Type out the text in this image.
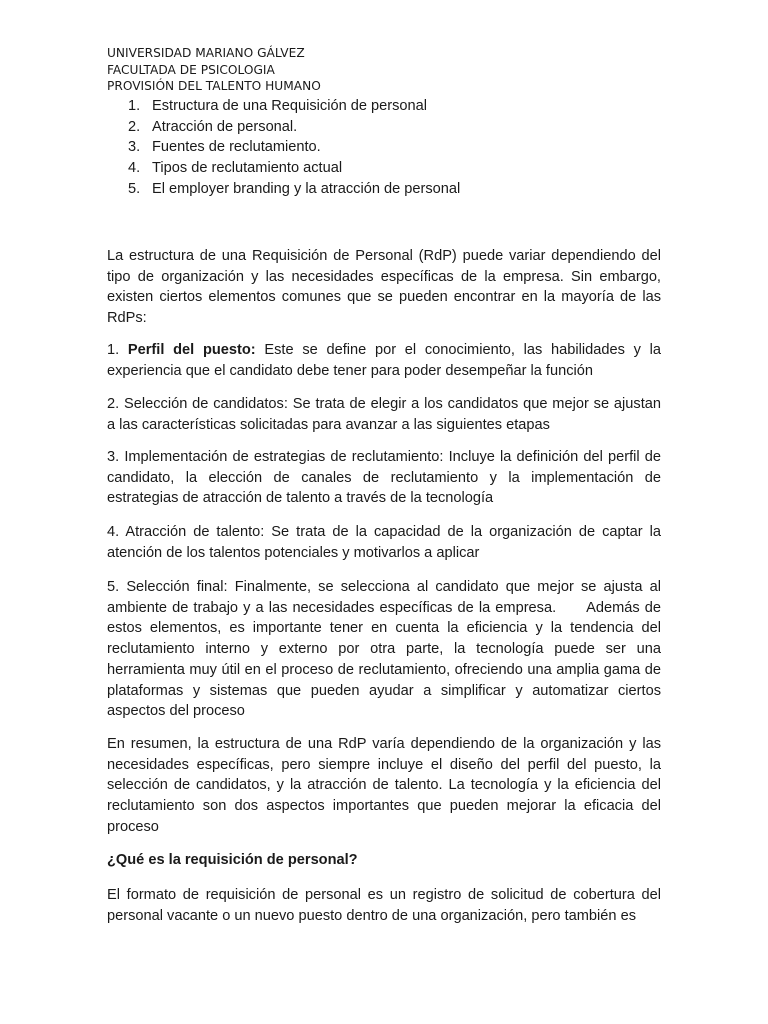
UNIVERSIDAD MARIANO GÁLVEZ
FACULTADA DE PSICOLOGIA
PROVISIÓN DEL TALENTO HUMANO
1. Estructura de una Requisición de personal
2. Atracción de personal.
3. Fuentes de reclutamiento.
4. Tipos de reclutamiento actual
5. El employer branding y la atracción de personal

La estructura de una Requisición de Personal (RdP) puede variar dependiendo del tipo de organización y las necesidades específicas de la empresa. Sin embargo, existen ciertos elementos comunes que se pueden encontrar en la mayoría de las RdPs:

1. Perfil del puesto: Este se define por el conocimiento, las habilidades y la experiencia que el candidato debe tener para poder desempeñar la función

2. Selección de candidatos: Se trata de elegir a los candidatos que mejor se ajustan a las características solicitadas para avanzar a las siguientes etapas

3. Implementación de estrategias de reclutamiento: Incluye la definición del perfil de candidato, la elección de canales de reclutamiento y la implementación de estrategias de atracción de talento a través de la tecnología

4. Atracción de talento: Se trata de la capacidad de la organización de captar la atención de los talentos potenciales y motivarlos a aplicar

5. Selección final: Finalmente, se selecciona al candidato que mejor se ajusta al ambiente de trabajo y a las necesidades específicas de la empresa. Además de estos elementos, es importante tener en cuenta la eficiencia y la tendencia del reclutamiento interno y externo por otra parte, la tecnología puede ser una herramienta muy útil en el proceso de reclutamiento, ofreciendo una amplia gama de plataformas y sistemas que pueden ayudar a simplificar y automatizar ciertos aspectos del proceso

En resumen, la estructura de una RdP varía dependiendo de la organización y las necesidades específicas, pero siempre incluye el diseño del perfil del puesto, la selección de candidatos, y la atracción de talento. La tecnología y la eficiencia del reclutamiento son dos aspectos importantes que pueden mejorar la eficacia del proceso

¿Qué es la requisición de personal?

El formato de requisición de personal es un registro de solicitud de cobertura del personal vacante o un nuevo puesto dentro de una organización, pero también es
